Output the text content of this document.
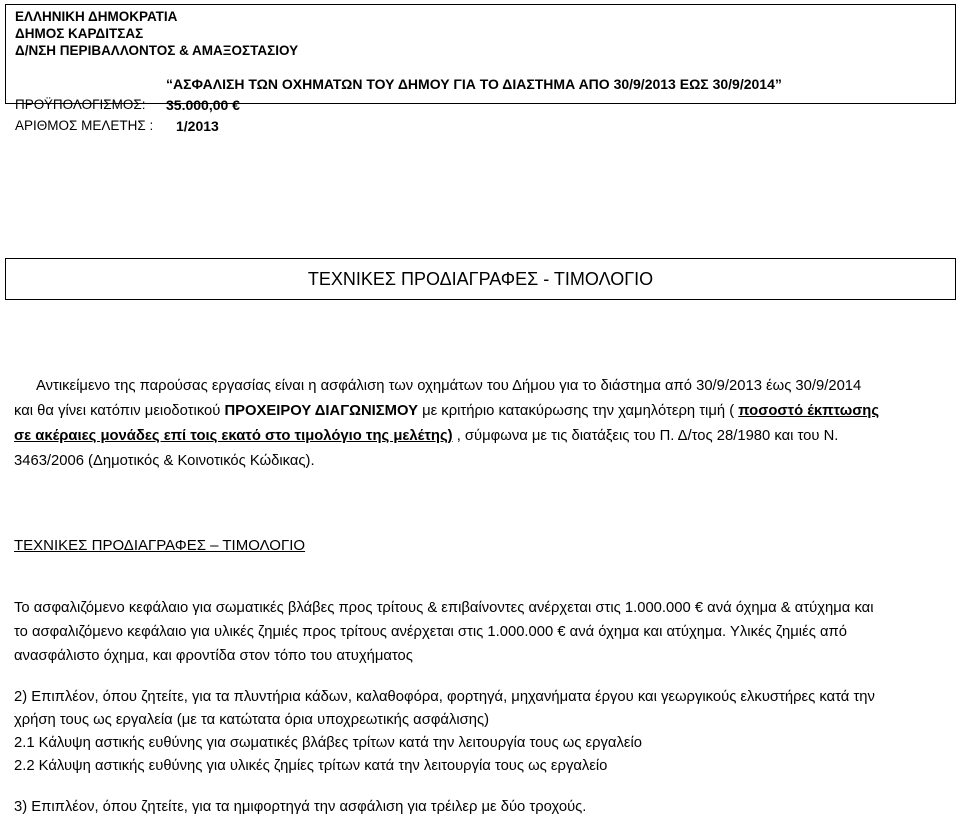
ΕΛΛΗΝΙΚΗ ΔΗΜΟΚΡΑΤΙΑ
ΔΗΜΟΣ ΚΑΡΔΙΤΣΑΣ
Δ/ΝΣΗ ΠΕΡΙΒΑΛΛΟΝΤΟΣ & ΑΜΑΞΟΣΤΑΣΙΟΥ
“ΑΣΦΑΛΙΣΗ ΤΩΝ ΟΧΗΜΑΤΩΝ ΤΟΥ ΔΗΜΟΥ ΓΙΑ ΤΟ ΔΙΑΣΤΗΜΑ ΑΠΟ 30/9/2013 ΕΩΣ 30/9/2014”
ΠΡΟΫΠΟΛΟΓΙΣΜΟΣ: 35.000,00 €
ΑΡΙΘΜΟΣ ΜΕΛΕΤΗΣ : 1/2013
ΤΕΧΝΙΚΕΣ ΠΡΟΔΙΑΓΡΑΦΕΣ - ΤΙΜΟΛΟΓΙΟ
Αντικείμενο της παρούσας εργασίας είναι η ασφάλιση των οχημάτων του Δήμου για το διάστημα από 30/9/2013 έως 30/9/2014
και θα γίνει κατόπιν μειοδοτικού ΠΡΟΧΕΙΡΟΥ ΔΙΑΓΩΝΙΣΜΟΥ με κριτήριο κατακύρωσης την χαμηλότερη τιμή ( ποσοστό έκπτωσης
σε ακέραιες μονάδες επί τοις εκατό στο τιμολόγιο της μελέτης) , σύμφωνα με τις διατάξεις του Π. Δ/τος 28/1980 και του Ν.
3463/2006 (Δημοτικός & Κοινοτικός Κώδικας).
ΤΕΧΝΙΚΕΣ ΠΡΟΔΙΑΓΡΑΦΕΣ – ΤΙΜΟΛΟΓΙΟ
Το ασφαλιζόμενο κεφάλαιο για σωματικές βλάβες προς τρίτους & επιβαίνοντες ανέρχεται στις 1.000.000 € ανά όχημα & ατύχημα και
το ασφαλιζόμενο κεφάλαιο για υλικές ζημιές προς τρίτους ανέρχεται στις 1.000.000 € ανά όχημα και ατύχημα. Υλικές ζημιές από
ανασφάλιστο όχημα, και φροντίδα στον τόπο του ατυχήματος
2) Επιπλέον, όπου ζητείτε, για τα πλυντήρια κάδων, καλαθοφόρα, φορτηγά, μηχανήματα έργου και γεωργικούς ελκυστήρες κατά την
χρήση τους ως εργαλεία (με τα κατώτατα όρια υποχρεωτικής ασφάλισης)
2.1 Κάλυψη αστικής ευθύνης για σωματικές βλάβες τρίτων κατά την λειτουργία τους ως εργαλείο
2.2 Κάλυψη αστικής ευθύνης για υλικές ζημίες τρίτων κατά την λειτουργία τους ως εργαλείο
3) Επιπλέον, όπου ζητείτε, για τα ημιφορτηγά την ασφάλιση για τρέιλερ με δύο τροχούς.
